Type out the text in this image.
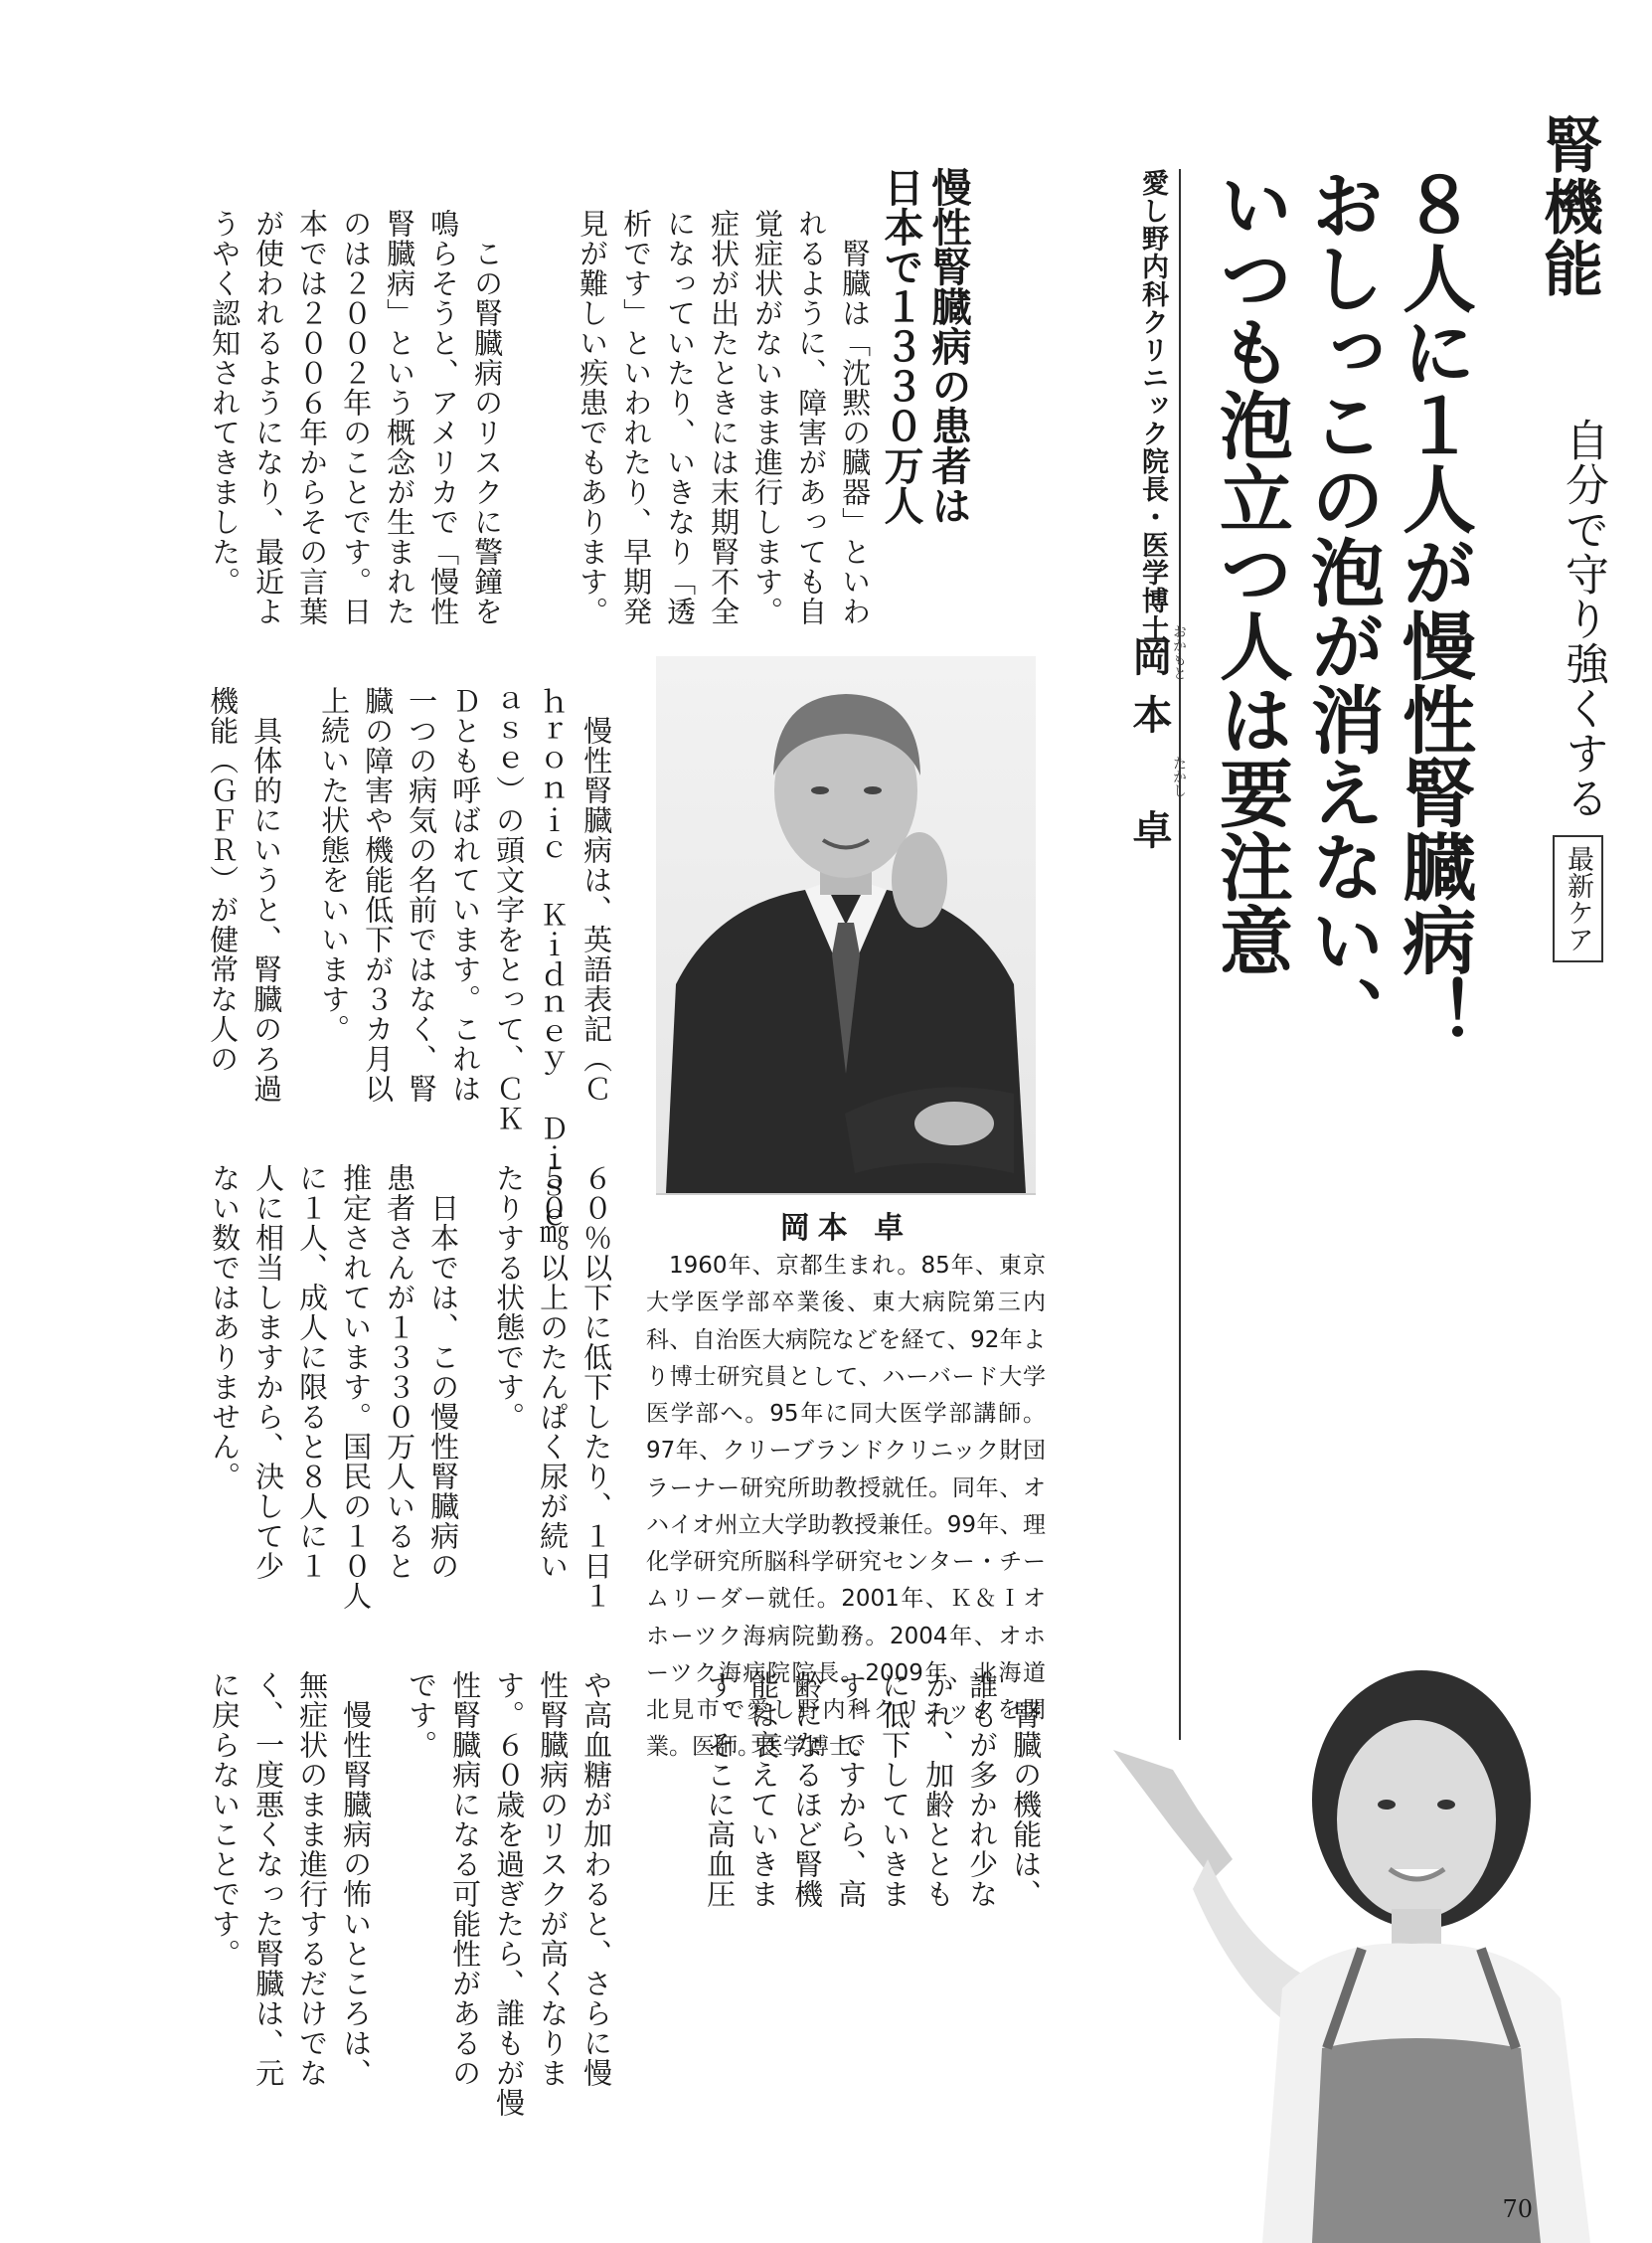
腎機能
自分で守り強くする
最新ケア
８人に１人が慢性腎臓病！
おしっこの泡が消えない、
いつも泡立つ人は要注意
愛し野内科クリニック院長・医学博士
おかもと
たかし
岡本　卓
慢性腎臓病の患者は
日本で１３３０万人
　腎臓は「沈黙の臓器」といわ
れるように、障害があっても自
覚症状がないまま進行します。
症状が出たときには末期腎不全
になっていたり、いきなり「透
析です」といわれたり、早期発
見が難しい疾患でもあります。
　この腎臓病のリスクに警鐘を
鳴らそうと、アメリカで「慢性
腎臓病」という概念が生まれた
のは２００２年のことです。日
本では２００６年からその言葉
が使われるようになり、最近よ
うやく認知されてきました。
　慢性腎臓病は、英語表記（Ｃ
ｈｒｏｎｉｃ Ｋｉｄｎｅｙ Ｄｉｓｅ
ａｓｅ）の頭文字をとって、ＣＫ
Ｄとも呼ばれています。これは
一つの病気の名前ではなく、腎
臓の障害や機能低下が３カ月以
上続いた状態をいいます。
　具体的にいうと、腎臓のろ過
機能（ＧＦＲ）が健常な人の
６０％以下に低下したり、１日１
５０㎎以上のたんぱく尿が続い
たりする状態です。
　日本では、この慢性腎臓病の
患者さんが１３３０万人いると
推定されています。国民の１０人
に１人、成人に限ると８人に１
人に相当しますから、決して少
ない数ではありません。
　腎臓の機能は、
誰もが多かれ少な
かれ、加齢ととも
に低下していきま
す。ですから、高
齢になるほど腎機
能は衰えていきま
す。そこに高血圧
や高血糖が加わると、さらに慢
性腎臓病のリスクが高くなりま
す。６０歳を過ぎたら、誰もが慢
性腎臓病になる可能性があるの
です。
　慢性腎臓病の怖いところは、
無症状のまま進行するだけでな
く、一度悪くなった腎臓は、元
に戻らないことです。
岡本 卓
1960年、京都生まれ。85年、東京大学医学部卒業後、東大病院第三内科、自治医大病院などを経て、92年より博士研究員として、ハーバード大学医学部へ。95年に同大医学部講師。97年、クリーブランドクリニック財団ラーナー研究所助教授就任。同年、オハイオ州立大学助教授兼任。99年、理化学研究所脳科学研究センター・チームリーダー就任。2001年、Ｋ＆Ｉオホーツク海病院勤務。2004年、オホーツク海病院院長。2009年、北海道北見市で愛し野内科クリニックを開業。医師。医学博士。
70
